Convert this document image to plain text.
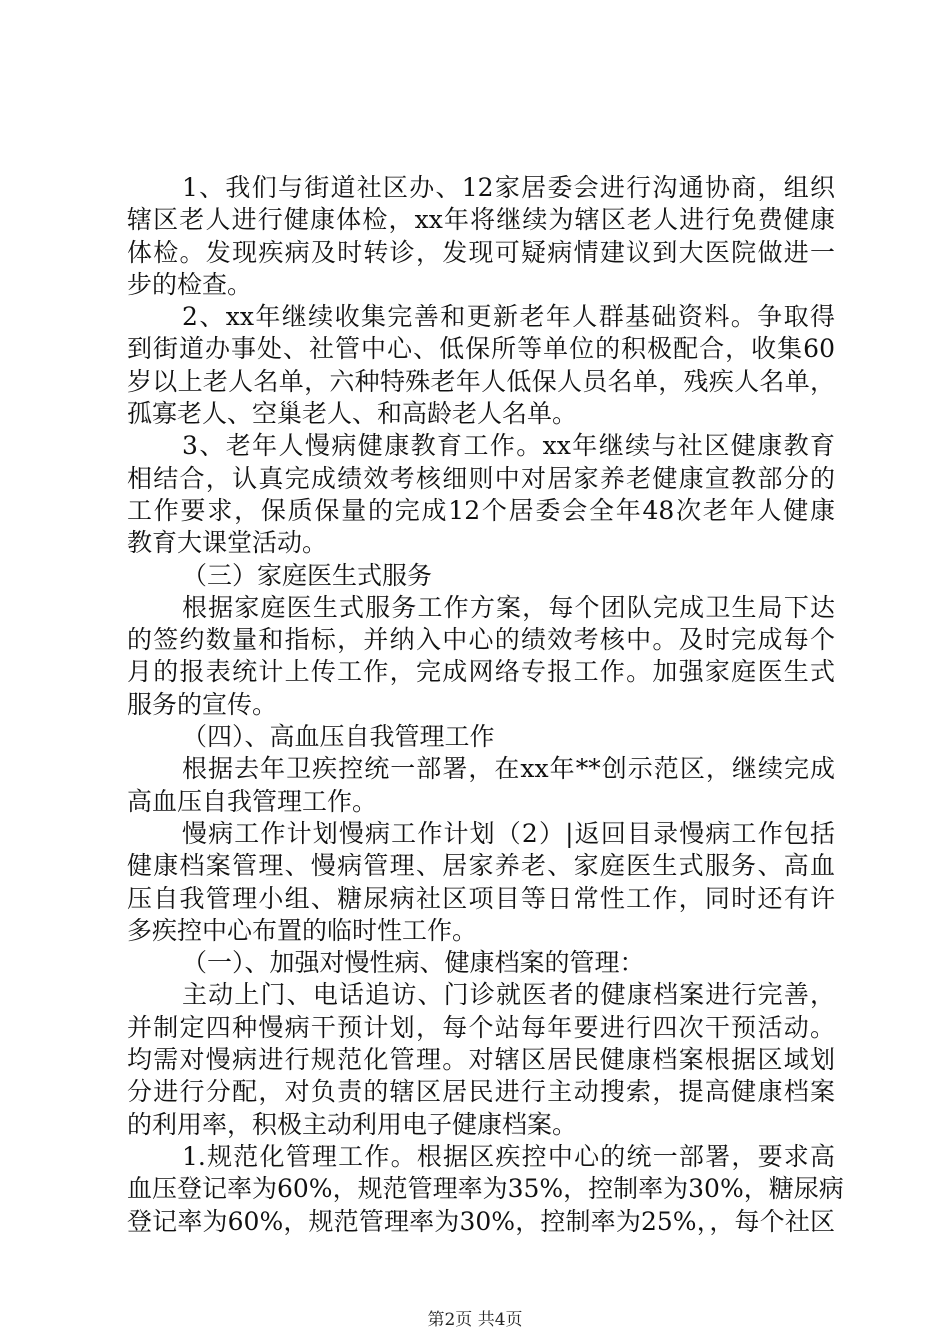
1、我们与街道社区办、12家居委会进行沟通协商，组织
辖区老人进行健康体检，xx年将继续为辖区老人进行免费健康
体检。发现疾病及时转诊，发现可疑病情建议到大医院做进一
步的检查。
2、xx年继续收集完善和更新老年人群基础资料。争取得
到街道办事处、社管中心、低保所等单位的积极配合，收集60
岁以上老人名单，六种特殊老年人低保人员名单，残疾人名单，
孤寡老人、空巢老人、和高龄老人名单。
3、老年人慢病健康教育工作。xx年继续与社区健康教育
相结合，认真完成绩效考核细则中对居家养老健康宣教部分的
工作要求，保质保量的完成12个居委会全年48次老年人健康
教育大课堂活动。
（三）家庭医生式服务
根据家庭医生式服务工作方案，每个团队完成卫生局下达
的签约数量和指标，并纳入中心的绩效考核中。及时完成每个
月的报表统计上传工作，完成网络专报工作。加强家庭医生式
服务的宣传。
（四）、高血压自我管理工作
根据去年卫疾控统一部署，在xx年**创示范区，继续完成
高血压自我管理工作。
慢病工作计划慢病工作计划（2）|返回目录慢病工作包括
健康档案管理、慢病管理、居家养老、家庭医生式服务、高血
压自我管理小组、糖尿病社区项目等日常性工作，同时还有许
多疾控中心布置的临时性工作。
（一）、加强对慢性病、健康档案的管理：
主动上门、电话追访、门诊就医者的健康档案进行完善，
并制定四种慢病干预计划，每个站每年要进行四次干预活动。
均需对慢病进行规范化管理。对辖区居民健康档案根据区域划
分进行分配，对负责的辖区居民进行主动搜索，提高健康档案
的利用率，积极主动利用电子健康档案。
1.规范化管理工作。根据区疾控中心的统一部署，要求高
血压登记率为60%，规范管理率为35%，控制率为30%，糖尿病
登记率为60%，规范管理率为30%，控制率为25%，，每个社区
第2页 共4页
